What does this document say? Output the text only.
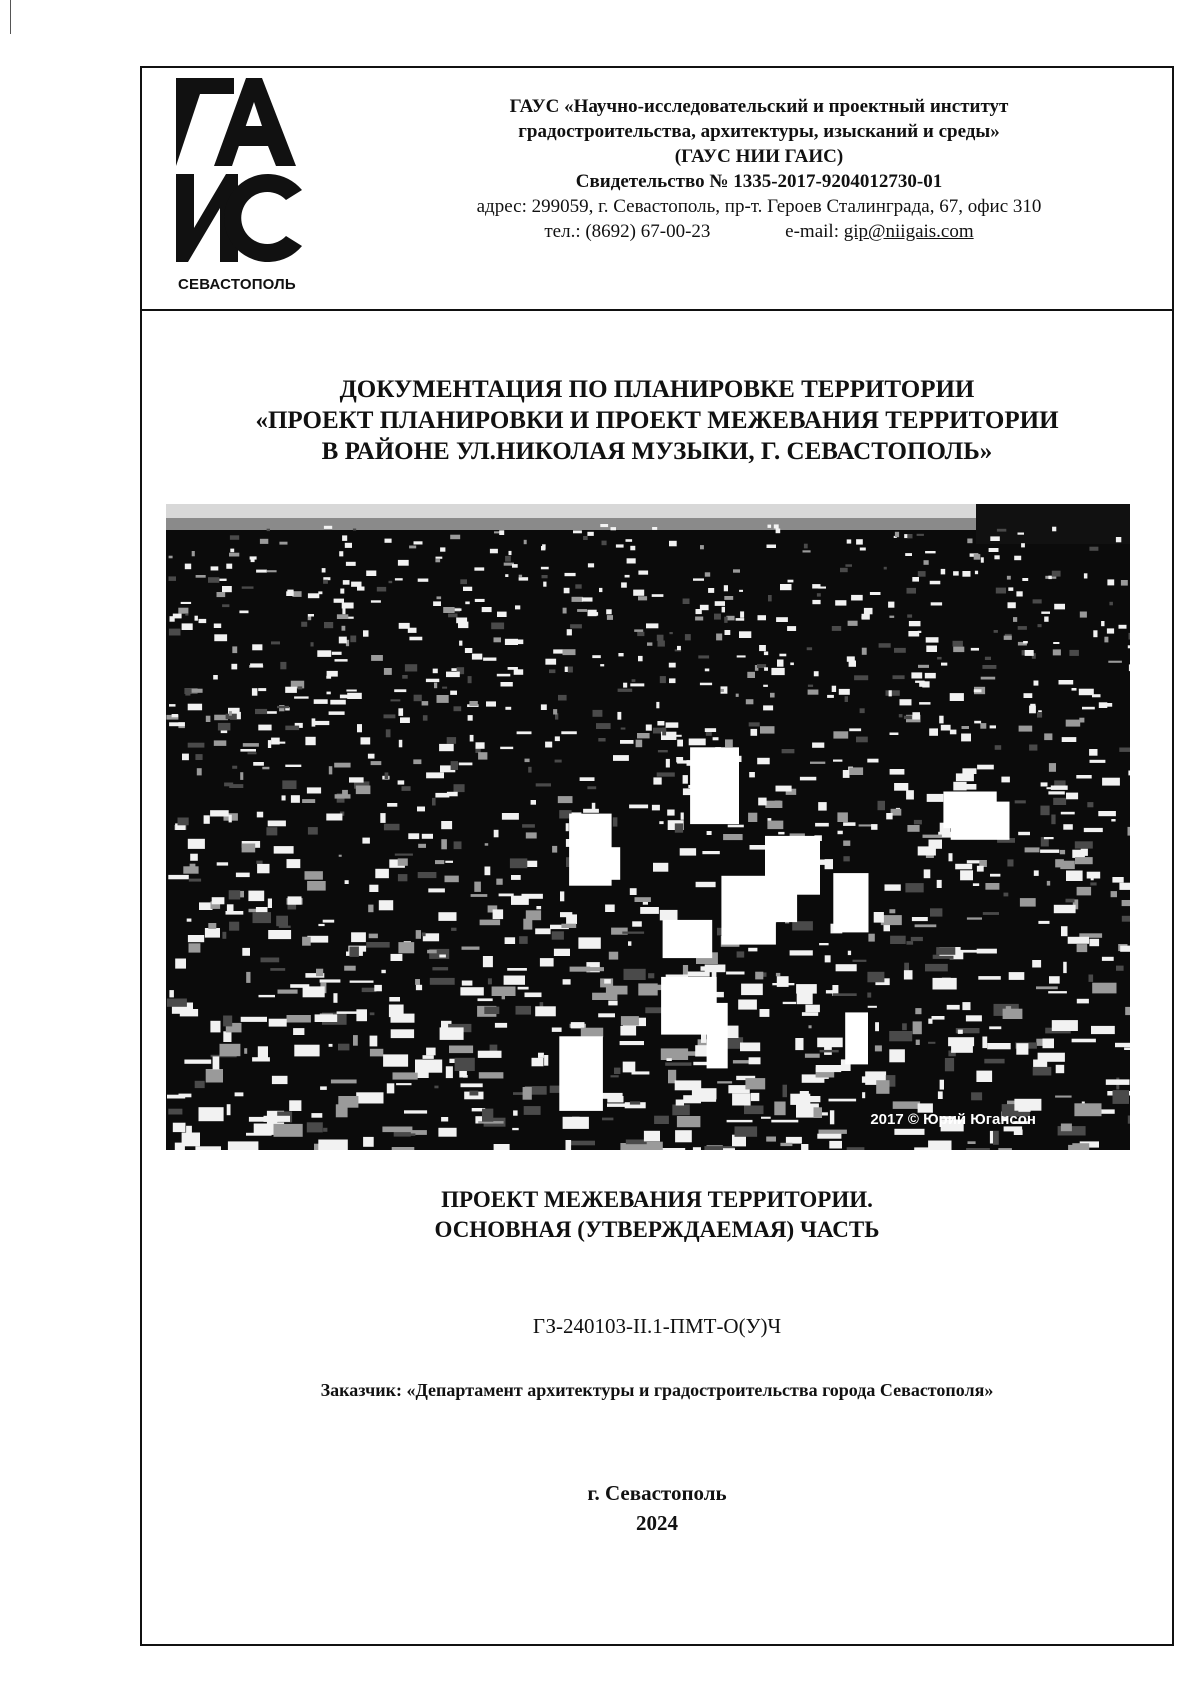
СЕВАСТОПОЛЬ
ГАУС «Научно-исследовательский и проектный институт
градостроительства, архитектуры, изысканий и среды»
(ГАУС НИИ ГАИС)
Свидетельство № 1335-2017-9204012730-01
адрес: 299059, г. Севастополь, пр-т. Героев Сталинграда, 67, офис 310
тел.: (8692) 67-00-23	e-mail: gip@niigais.com
ДОКУМЕНТАЦИЯ ПО ПЛАНИРОВКЕ ТЕРРИТОРИИ
«ПРОЕКТ ПЛАНИРОВКИ И ПРОЕКТ МЕЖЕВАНИЯ ТЕРРИТОРИИ
В РАЙОНЕ УЛ.НИКОЛАЯ МУЗЫКИ, Г. СЕВАСТОПОЛЬ»
2017 © Юрий Югансон
ПРОЕКТ МЕЖЕВАНИЯ ТЕРРИТОРИИ.
ОСНОВНАЯ (УТВЕРЖДАЕМАЯ) ЧАСТЬ
ГЗ-240103-II.1-ПМТ-О(У)Ч
Заказчик: «Департамент архитектуры и градостроительства города Севастополя»
г. Севастополь
2024
